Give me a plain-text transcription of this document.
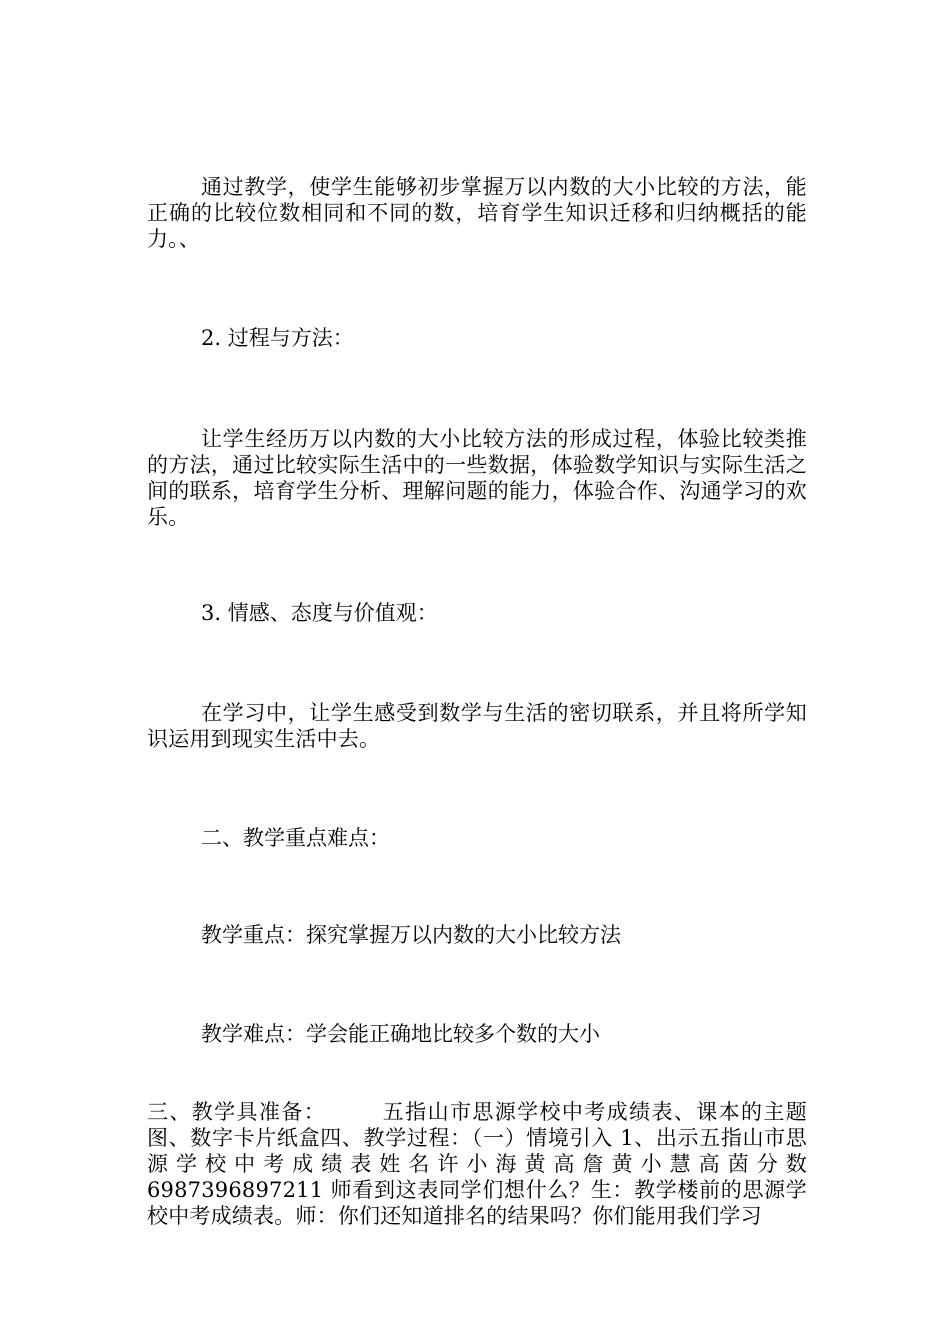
通过教学，使学生能够初步掌握万以内数的大小比较的方法，能正确的比较位数相同和不同的数，培育学生知识迁移和归纳概括的能力。、

2. 过程与方法：

让学生经历万以内数的大小比较方法的形成过程，体验比较类推的方法，通过比较实际生活中的一些数据，体验数学知识与实际生活之间的联系，培育学生分析、理解问题的能力，体验合作、沟通学习的欢乐。

3. 情感、态度与价值观：

在学习中，让学生感受到数学与生活的密切联系，并且将所学知识运用到现实生活中去。

二、教学重点难点：

教学重点：探究掌握万以内数的大小比较方法

教学难点：学会能正确地比较多个数的大小

三、教学具准备：　　　五指山市思源学校中考成绩表、课本的主题图、数字卡片纸盒四、教学过程：（一）情境引入 1、出示五指山市思源学校中考成绩表姓名许小海黄高詹黄小慧高茵分数 6987396897211 师看到这表同学们想什么？生：教学楼前的思源学校中考成绩表。师：你们还知道排名的结果吗？你们能用我们学习
